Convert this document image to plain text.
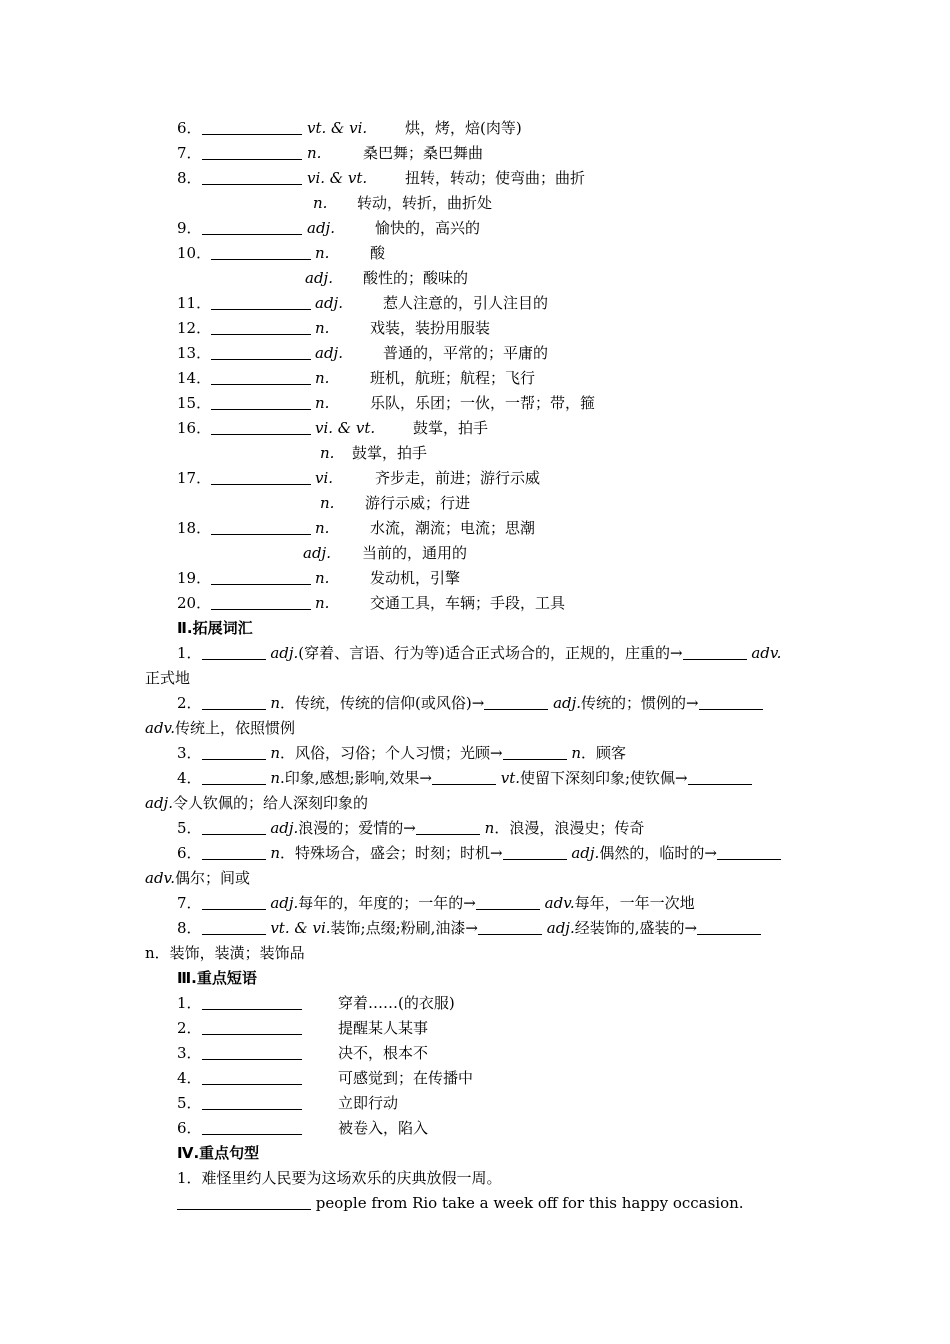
6．	vt. & vi.	烘，烤，焙(肉等)
7．	n.	桑巴舞；桑巴舞曲
8．	vi. & vt.	扭转，转动；使弯曲；曲折
n. 转动，转折，曲折处
9．	adj.	愉快的，高兴的
10．	n.	酸
adj. 酸性的；酸味的
11．	adj.	惹人注意的，引人注目的
12．	n.	戏装，装扮用服装
13．	adj.	普通的，平常的；平庸的
14．	n.	班机，航班；航程；飞行
15．	n.	乐队，乐团；一伙，一帮；带，箍
16．	vi. & vt.	鼓掌，拍手
n. 鼓掌，拍手
17．	vi.	齐步走，前进；游行示威
n. 游行示威；行进
18．	n.	水流，潮流；电流；思潮
adj. 当前的，通用的
19．	n.	发动机，引擎
20．	n.	交通工具，车辆；手段，工具
Ⅱ.拓展词汇
1．	adj.(穿着、言语、行为等)适合正式场合的，正规的，庄重的→	adv.
正式地
2．	n．传统，传统的信仰(或风俗)→	adj.传统的；惯例的→
adv.传统上，依照惯例
3．	n．风俗，习俗；个人习惯；光顾→	n．顾客
4．	n.印象,感想;影响,效果→	vt.使留下深刻印象;使钦佩→
adj.令人钦佩的；给人深刻印象的
5．	adj.浪漫的；爱情的→	n．浪漫，浪漫史；传奇
6．	n．特殊场合，盛会；时刻；时机→	adj.偶然的，临时的→
adv.偶尔；间或
7．	adj.每年的，年度的；一年的→	adv.每年，一年一次地
8．	vt. & vi.装饰;点缀;粉刷,油漆→	adj.经装饰的,盛装的→
n．装饰，装潢；装饰品
Ⅲ.重点短语
1．	穿着……(的衣服)
2．	提醒某人某事
3．	决不，根本不
4．	可感觉到；在传播中
5．	立即行动
6．	被卷入，陷入
Ⅳ.重点句型
1．难怪里约人民要为这场欢乐的庆典放假一周。
people from Rio take a week off for this happy occasion.
